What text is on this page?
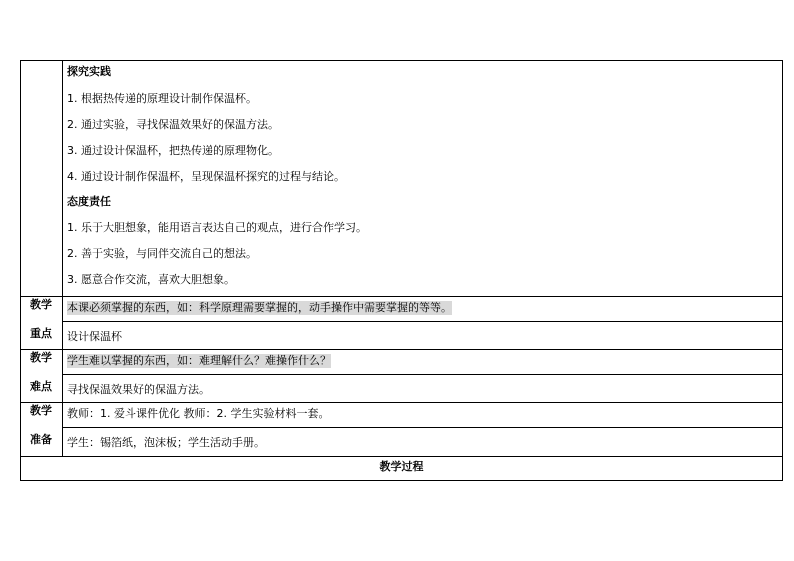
探究实践
1. 根据热传递的原理设计制作保温杯。
2. 通过实验，寻找保温效果好的保温方法。
3. 通过设计保温杯，把热传递的原理物化。
4. 通过设计制作保温杯，呈现保温杯探究的过程与结论。
态度责任
1. 乐于大胆想象，能用语言表达自己的观点，进行合作学习。
2. 善于实验，与同伴交流自己的想法。
3. 愿意合作交流，喜欢大胆想象。
教学
重点
本课必须掌握的东西，如：科学原理需要掌握的，动手操作中需要掌握的等等。
设计保温杯
教学
难点
学生难以掌握的东西，如：难理解什么？难操作什么？
寻找保温效果好的保温方法。
教学
准备
教师：1. 爱斗课件优化 教师：2. 学生实验材料一套。
学生：锡箔纸，泡沫板；学生活动手册。
教学过程
